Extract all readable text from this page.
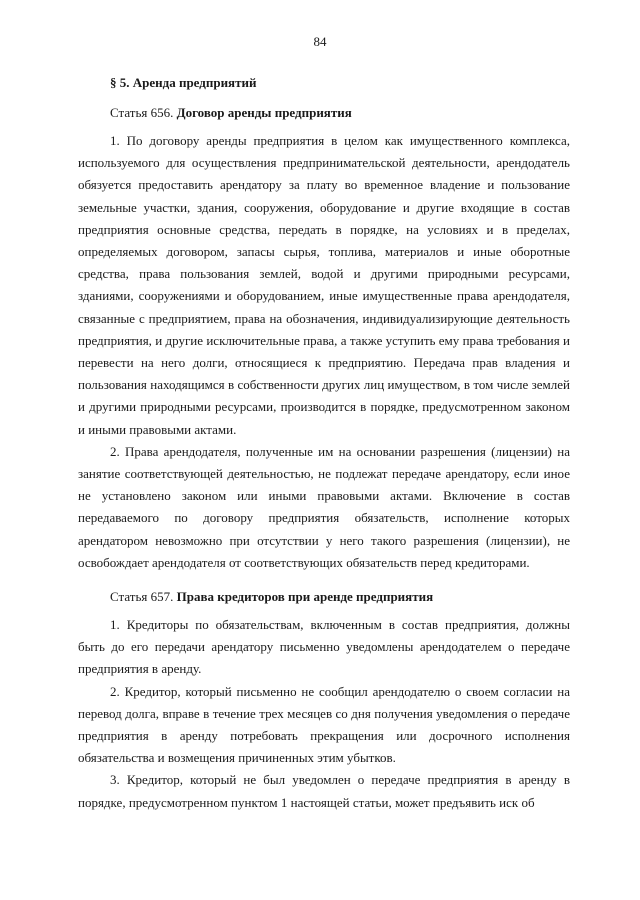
84

§ 5. Аренда предприятий

Статья 656. Договор аренды предприятия

1. По договору аренды предприятия в целом как имущественного комплекса, используемого для осуществления предпринимательской деятельности, арендодатель обязуется предоставить арендатору за плату во временное владение и пользование земельные участки, здания, сооружения, оборудование и другие входящие в состав предприятия основные средства, передать в порядке, на условиях и в пределах, определяемых договором, запасы сырья, топлива, материалов и иные оборотные средства, права пользования землей, водой и другими природными ресурсами, зданиями, сооружениями и оборудованием, иные имущественные права арендодателя, связанные с предприятием, права на обозначения, индивидуализирующие деятельность предприятия, и другие исключительные права, а также уступить ему права требования и перевести на него долги, относящиеся к предприятию. Передача прав владения и пользования находящимся в собственности других лиц имуществом, в том числе землей и другими природными ресурсами, производится в порядке, предусмотренном законом и иными правовыми актами.

2. Права арендодателя, полученные им на основании разрешения (лицензии) на занятие соответствующей деятельностью, не подлежат передаче арендатору, если иное не установлено законом или иными правовыми актами. Включение в состав передаваемого по договору предприятия обязательств, исполнение которых арендатором невозможно при отсутствии у него такого разрешения (лицензии), не освобождает арендодателя от соответствующих обязательств перед кредиторами.

Статья 657. Права кредиторов при аренде предприятия

1. Кредиторы по обязательствам, включенным в состав предприятия, должны быть до его передачи арендатору письменно уведомлены арендодателем о передаче предприятия в аренду.

2. Кредитор, который письменно не сообщил арендодателю о своем согласии на перевод долга, вправе в течение трех месяцев со дня получения уведомления о передаче предприятия в аренду потребовать прекращения или досрочного исполнения обязательства и возмещения причиненных этим убытков.

3. Кредитор, который не был уведомлен о передаче предприятия в аренду в порядке, предусмотренном пунктом 1 настоящей статьи, может предъявить иск об
